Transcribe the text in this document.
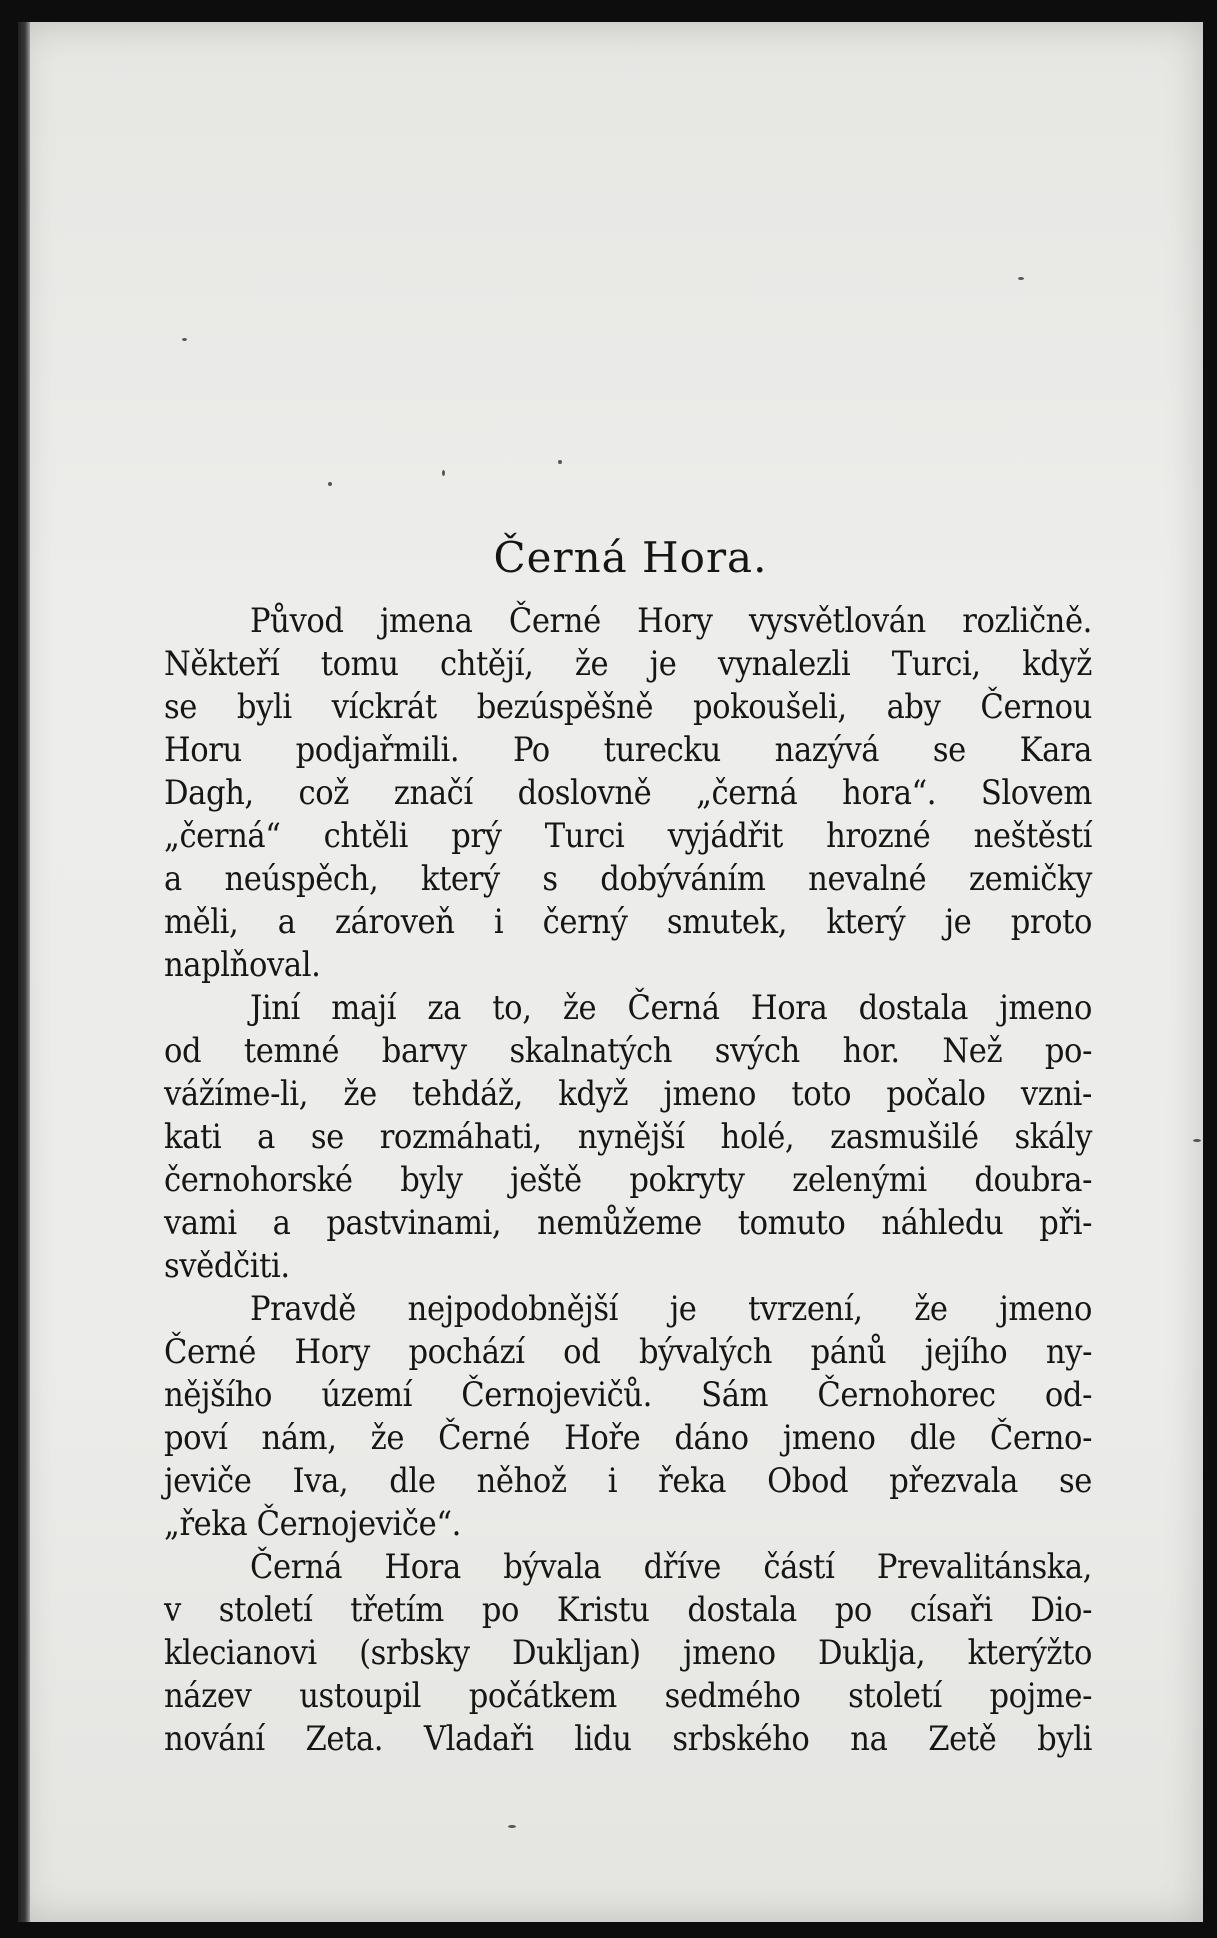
Černá Hora.
Původ jmena Černé Hory vysvětlován rozličně.
Někteří tomu chtějí, že je vynalezli Turci, když
se byli víckrát bezúspěšně pokoušeli, aby Černou
Horu podjařmili. Po turecku nazývá se Kara
Dagh, což značí doslovně „černá hora“. Slovem
„černá“ chtěli prý Turci vyjádřit hrozné neštěstí
a neúspěch, který s dobýváním nevalné zemičky
měli, a zároveň i černý smutek, který je proto
naplňoval.
Jiní mají za to, že Černá Hora dostala jmeno
od temné barvy skalnatých svých hor. Než po-
vážíme-li, že tehdáž, když jmeno toto počalo vzni-
kati a se rozmáhati, nynější holé, zasmušilé skály
černohorské byly ještě pokryty zelenými doubra-
vami a pastvinami, nemůžeme tomuto náhledu při-
svědčiti.
Pravdě nejpodobnější je tvrzení, že jmeno
Černé Hory pochází od bývalých pánů jejího ny-
nějšího území Černojevičů. Sám Černohorec od-
poví nám, že Černé Hoře dáno jmeno dle Černo-
jeviče Iva, dle něhož i řeka Obod přezvala se
„řeka Černojeviče“.
Černá Hora bývala dříve částí Prevalitánska,
v století třetím po Kristu dostala po císaři Dio-
klecianovi (srbsky Dukljan) jmeno Duklja, kterýžto
název ustoupil počátkem sedmého století pojme-
nování Zeta. Vladaři lidu srbského na Zetě byli
